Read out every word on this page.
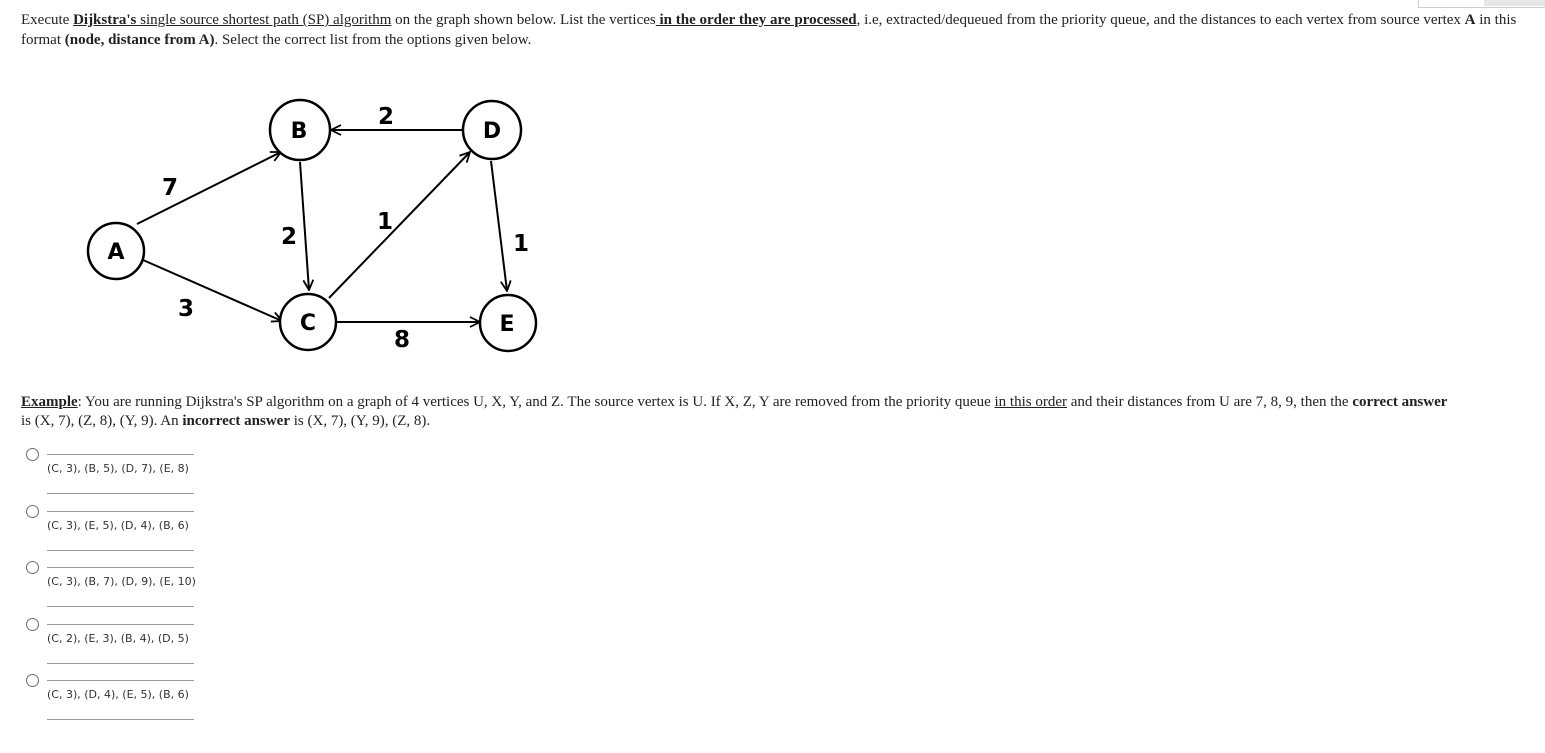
Execute Dijkstra's single source shortest path (SP) algorithm on the graph shown below. List the vertices in the order they are processed, i.e, extracted/dequeued from the priority queue, and the distances to each vertex from source vertex A in this format (node, distance from A). Select the correct list from the options given below.
A
B
C
D
E
7
3
2
2
1
1
8
Example: You are running Dijkstra's SP algorithm on a graph of 4 vertices U, X, Y, and Z. The source vertex is U. If X, Z, Y are removed from the priority queue in this order and their distances from U are 7, 8, 9, then the correct answer
is (X, 7), (Z, 8), (Y, 9). An incorrect answer is (X, 7), (Y, 9), (Z, 8).
(C, 3), (B, 5), (D, 7), (E, 8)
(C, 3), (E, 5), (D, 4), (B, 6)
(C, 3), (B, 7), (D, 9), (E, 10)
(C, 2), (E, 3), (B, 4), (D, 5)
(C, 3), (D, 4), (E, 5), (B, 6)
